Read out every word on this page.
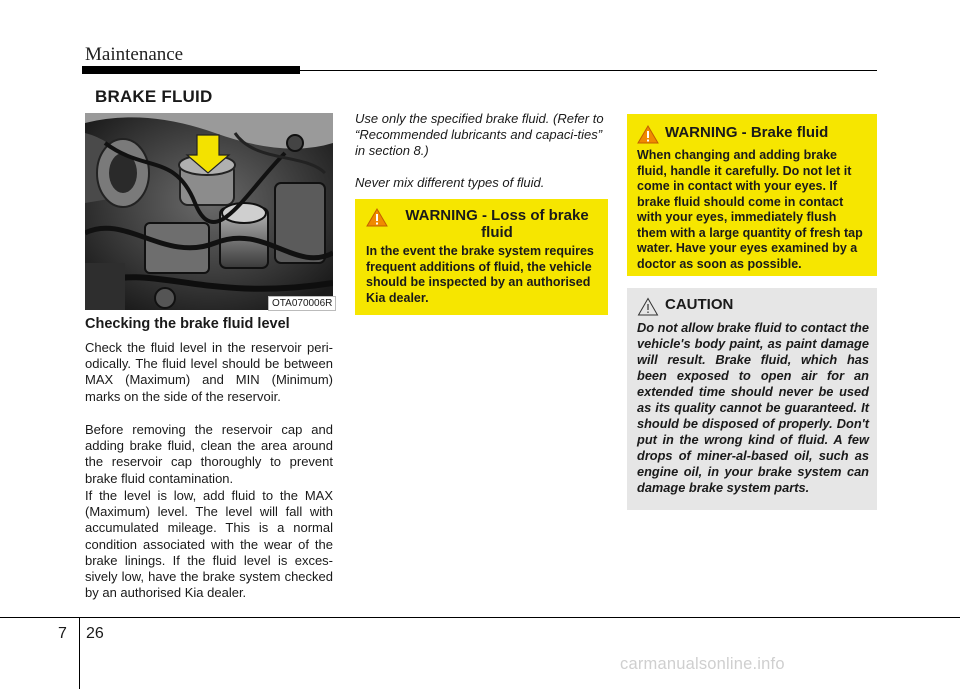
Maintenance
BRAKE FLUID
OTA070006R
Checking the brake fluid level

Check the fluid level in the reservoir peri-odically. The fluid level should be between MAX (Maximum) and MIN (Minimum) marks on the side of the reservoir.

Before removing the reservoir cap and adding brake fluid, clean the area around the reservoir cap thoroughly to prevent brake fluid contamination.

If the level is low, add fluid to the MAX (Maximum) level. The level will fall with accumulated mileage. This is a normal condition associated with the wear of the brake linings. If the fluid level is exces-sively low, have the brake system checked by an authorised Kia dealer.

Use only the specified brake fluid. (Refer to “Recommended lubricants and capaci-ties” in section 8.)

Never mix different types of fluid.

WARNING - Loss of brake fluid

In the event the brake system requires frequent additions of fluid, the vehicle should be inspected by an authorised Kia dealer.

WARNING - Brake fluid

When changing and adding brake fluid, handle it carefully. Do not let it come in contact with your eyes. If brake fluid should come in contact with your eyes, immediately flush them with a large quantity of fresh tap water. Have your eyes examined by a doctor as soon as possible.

CAUTION

Do not allow brake fluid to contact the vehicle's body paint, as paint damage will result. Brake fluid, which has been exposed to open air for an extended time should never be used as its quality cannot be guaranteed. It should be disposed of properly. Don't put in the wrong kind of fluid. A few drops of miner-al-based oil, such as engine oil, in your brake system can damage brake system parts.

7 26
carmanualsonline.info
